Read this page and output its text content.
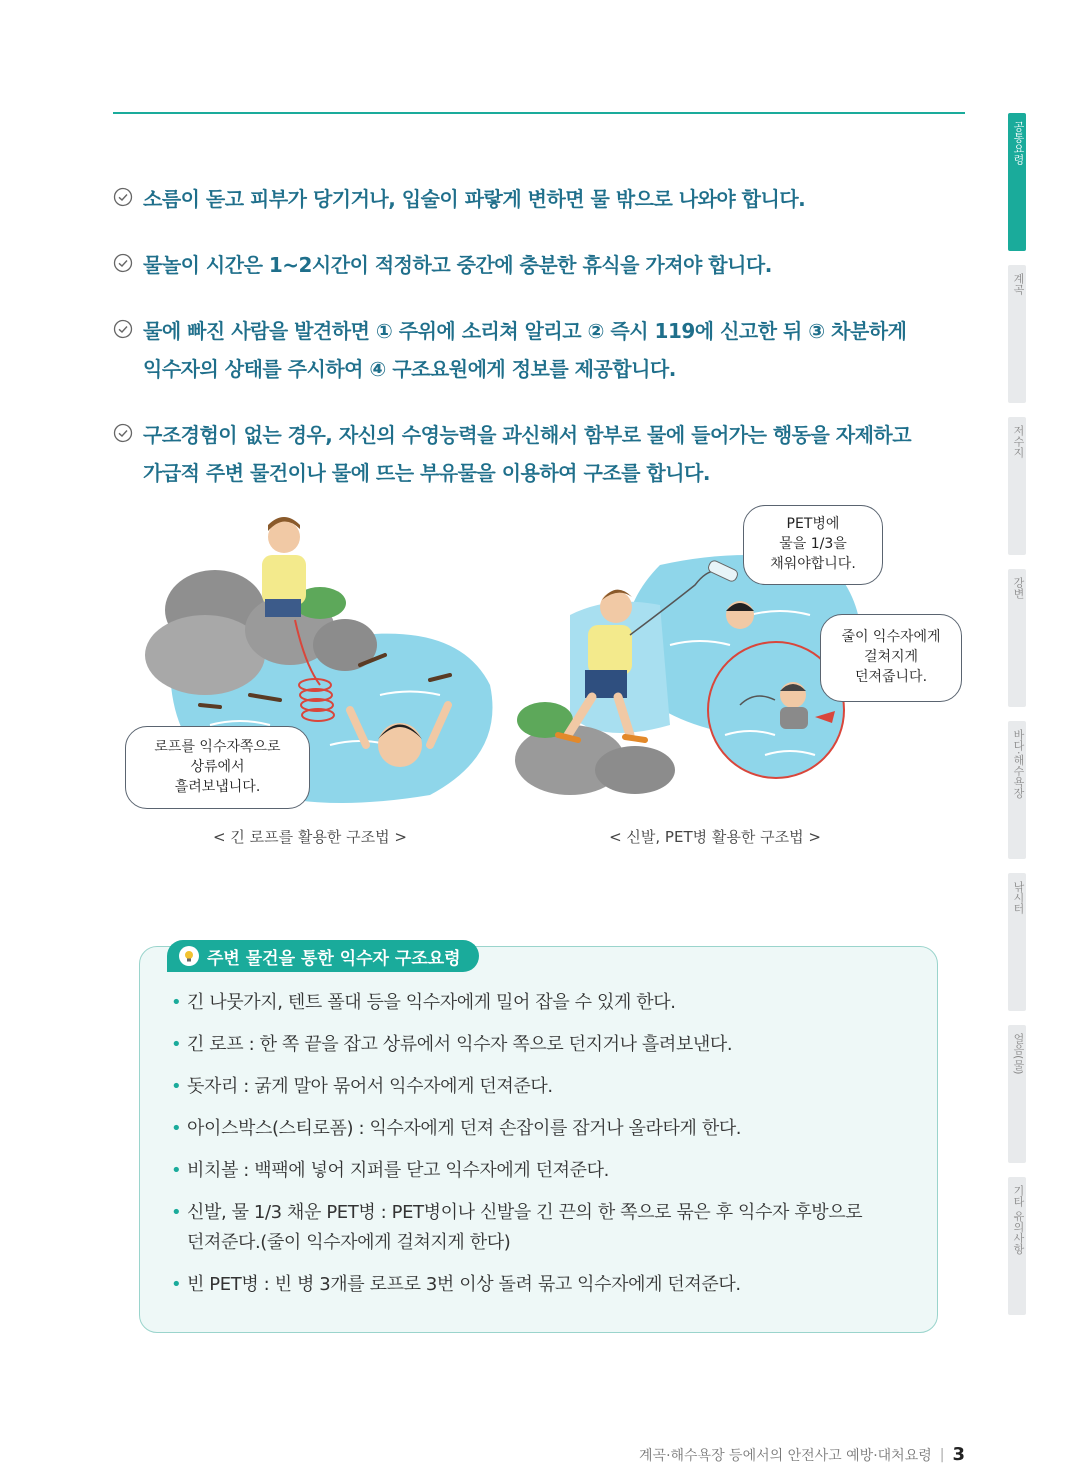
소름이 돋고 피부가 당기거나, 입술이 파랗게 변하면 물 밖으로 나와야 합니다.
물놀이 시간은 1~2시간이 적정하고 중간에 충분한 휴식을 가져야 합니다.
물에 빠진 사람을 발견하면 ① 주위에 소리쳐 알리고 ② 즉시 119에 신고한 뒤 ③ 차분하게
익수자의 상태를 주시하여 ④ 구조요원에게 정보를 제공합니다.
구조경험이 없는 경우, 자신의 수영능력을 과신해서 함부로 물에 들어가는 행동을 자제하고
가급적 주변 물건이나 물에 뜨는 부유물을 이용하여 구조를 합니다.
로프를 익수자쪽으로
상류에서
흘려보냅니다.
< 긴 로프를 활용한 구조법 >
PET병에
물을 1/3을
채워야합니다.
줄이 익수자에게
걸쳐지게
던져줍니다.
< 신발, PET병 활용한 구조법 >
주변 물건을 통한 익수자 구조요령
• 긴 나뭇가지, 텐트 폴대 등을 익수자에게 밀어 잡을 수 있게 한다.
• 긴 로프 : 한 쪽 끝을 잡고 상류에서 익수자 쪽으로 던지거나 흘려보낸다.
• 돗자리 : 굵게 말아 묶어서 익수자에게 던져준다.
• 아이스박스(스티로폼) : 익수자에게 던져 손잡이를 잡거나 올라타게 한다.
• 비치볼 : 백팩에 넣어 지퍼를 닫고 익수자에게 던져준다.
• 신발, 물 1/3 채운 PET병 : PET병이나 신발을 긴 끈의 한 쪽으로 묶은 후 익수자 후방으로
던져준다.(줄이 익수자에게 걸쳐지게 한다)
• 빈 PET병 : 빈 병 3개를 로프로 3번 이상 돌려 묶고 익수자에게 던져준다.
공통요령
계곡
저수지
강변
바다·해수욕장
낚시터
얼음(물)
기타 유의사항
계곡·해수욕장 등에서의 안전사고 예방·대처요령 | 3
